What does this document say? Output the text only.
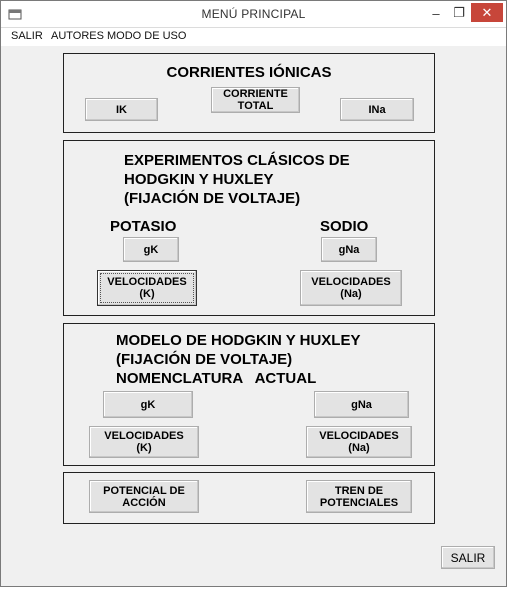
MENÚ PRINCIPAL	–	❐	✕
SALIR AUTORES MODO DE USO
CORRIENTES IÓNICAS
IK
CORRIENTE
TOTAL	INa
EXPERIMENTOS CLÁSICOS DE
HODGKIN Y HUXLEY
(FIJACIÓN DE VOLTAJE)
POTASIO	SODIO
gK	gNa
VELOCIDADES
(K)
VELOCIDADES
(Na)
MODELO DE HODGKIN Y HUXLEY
(FIJACIÓN DE VOLTAJE)
NOMENCLATURA   ACTUAL
gK	gNa
VELOCIDADES
(K)
VELOCIDADES
(Na)
POTENCIAL DE
ACCIÓN
TREN DE
POTENCIALES
SALIR
